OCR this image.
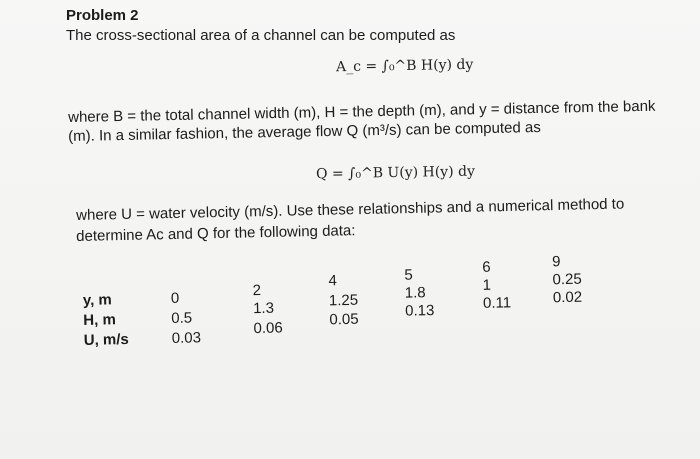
Problem 2
The cross-sectional area of a channel can be computed as
A_c = ∫₀^B H(y) dy
where B = the total channel width (m), H = the depth (m), and y = distance from the bank
(m). In a similar fashion, the average flow Q (m³/s) can be computed as
Q = ∫₀^B U(y) H(y) dy
where U = water velocity (m/s). Use these relationships and a numerical method to
determine Ac and Q for the following data:
y, m
H, m
U, m/s
0
0.5
0.03
2
1.3
0.06
4
1.25
0.05
5
1.8
0.13
6
1
0.11
9
0.25
0.02
